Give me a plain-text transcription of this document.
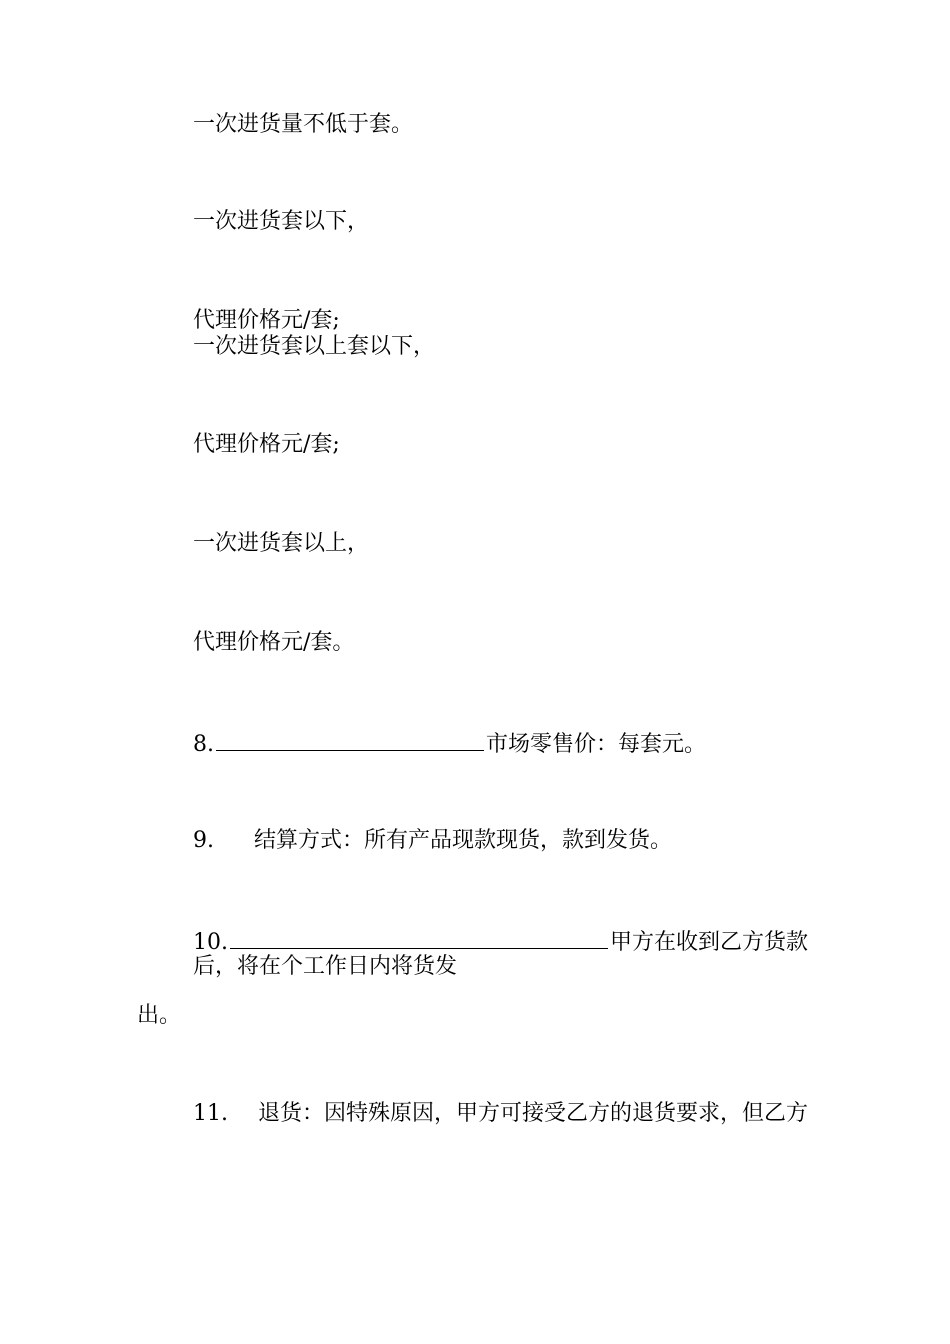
一次进货量不低于套。
一次进货套以下，
代理价格元/套;
一次进货套以上套以下，
代理价格元/套;
一次进货套以上，
代理价格元/套。
8.	市场零售价：每套元。
9. 结算方式：所有产品现款现货，款到发货。
10.	甲方在收到乙方货款
后，将在个工作日内将货发
出。
11. 退货：因特殊原因，甲方可接受乙方的退货要求，但乙方
